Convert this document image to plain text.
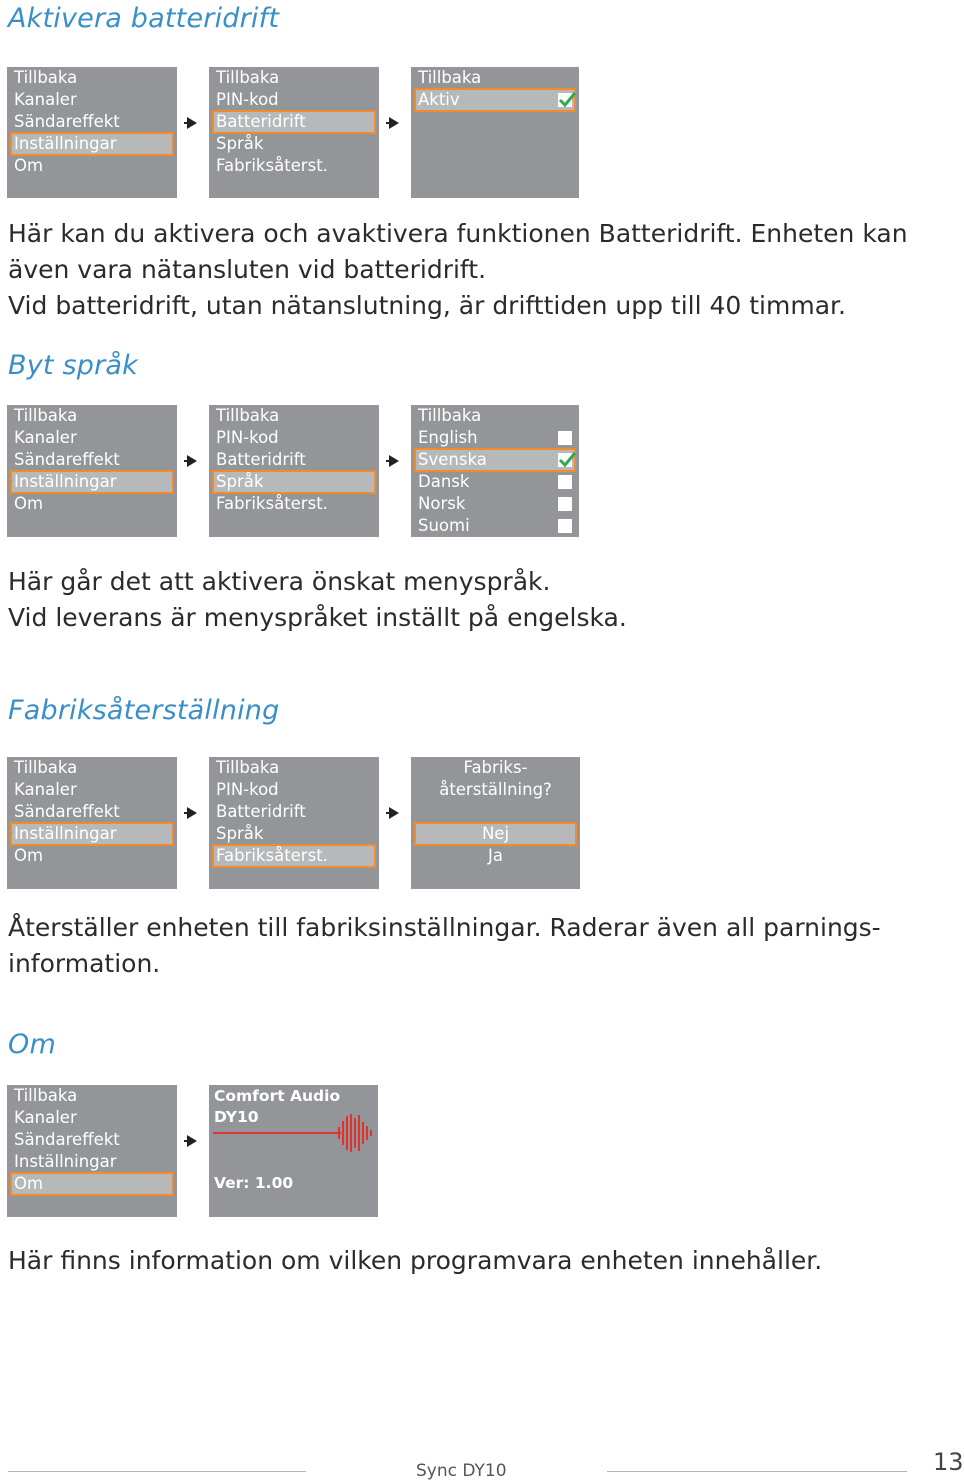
Aktivera batteridrift
Tillbaka
Kanaler
Sändareffekt
Inställningar
Om
Tillbaka
PIN-kod
Batteridrift
Språk
Fabriksåterst.
Tillbaka
Aktiv

Här kan du aktivera och avaktivera funktionen Batteridrift. Enheten kan
även vara nätansluten vid batteridrift.
Vid batteridrift, utan nätanslutning, är drifttiden upp till 40 timmar.

Byt språk
Tillbaka
Kanaler
Sändareffekt
Inställningar
Om
Tillbaka
PIN-kod
Batteridrift
Språk
Fabriksåterst.
Tillbaka
English
Svenska
Dansk
Norsk
Suomi

Här går det att aktivera önskat menyspråk.
Vid leverans är menyspråket inställt på engelska.

Fabriksåterställning
Tillbaka
Kanaler
Sändareffekt
Inställningar
Om
Tillbaka
PIN-kod
Batteridrift
Språk
Fabriksåterst.
Fabriks-
återställning?
Nej
Ja

Återställer enheten till fabriksinställningar. Raderar även all parnings-
information.

Om
Tillbaka
Kanaler
Sändareffekt
Inställningar
Om
Comfort Audio
DY10
Ver: 1.00

Här finns information om vilken programvara enheten innehåller.

Sync DY10	13
